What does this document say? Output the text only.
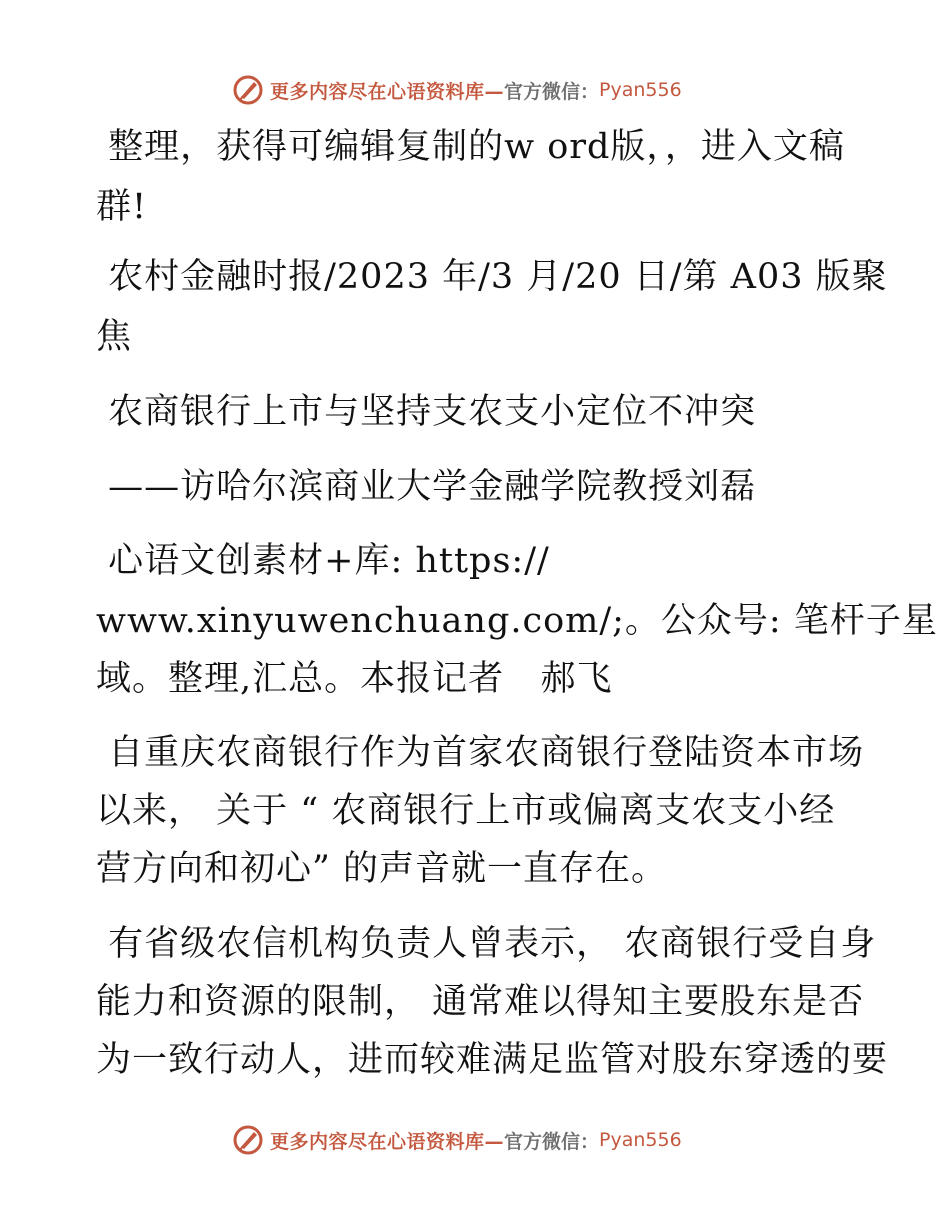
更多内容尽在心语资料库— 官方微信： Pyan556
整理，获得可编辑复制的w ord版，，进入文稿
群!
农村金融时报/2023 年/3 月/20 日/第 A03 版聚
焦
农商银行上市与坚持支农支小定位不冲突
——访哈尔滨商业大学金融学院教授刘磊
心语文创素材+库: https://
www.xinyuwenchuang.com/;。公众号: 笔杆子星
域。整理,汇总。本报记者   郝飞
自重庆农商银行作为首家农商银行登陆资本市场
以来， 关于 “ 农商银行上市或偏离支农支小经
营方向和初心” 的声音就一直存在。
有省级农信机构负责人曾表示， 农商银行受自身
能力和资源的限制， 通常难以得知主要股东是否
为一致行动人，进而较难满足监管对股东穿透的要
更多内容尽在心语资料库— 官方微信： Pyan556
